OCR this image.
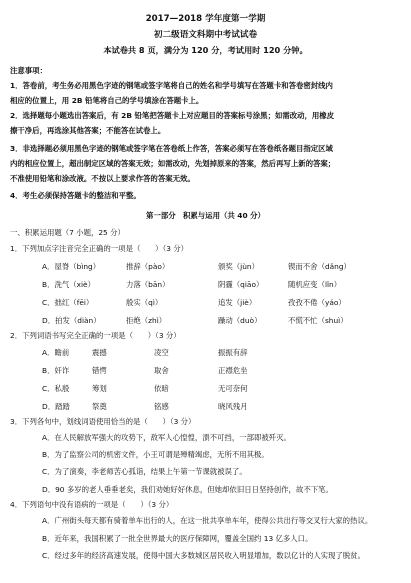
2017—2018 学年度第一学期
初二级语文科期中考试试卷
本试卷共 8 页，满分为 120 分，考试用时 120 分钟。
注意事项：
1．答卷前，考生务必用黑色字迹的钢笔或签字笔将自己的姓名和学号填写在答题卡和答卷密封线内
相应的位置上，用 2B 铅笔将自己的学号填涂在答题卡上。
2．选择题每小题选出答案后，有 2B 铅笔把答题卡上对应题目的答案标号涂黑；如需改动，用橡皮
擦干净后，再选涂其他答案；不能答在试卷上。
3．非选择题必须用黑色字迹的钢笔或签字笔在答卷纸上作答，答案必须写在答卷纸各题目指定区域
内的相应位置上，超出制定区域的答案无效；如需改动，先划掉原来的答案，然后再写上新的答案；
不准使用铅笔和涂改液。不按以上要求作答的答案无效。
4．考生必须保持答题卡的整洁和平整。
第一部分　积累与运用（共 40 分）
一、积累运用题（7 小题，25 分）
1．下列加点字注音完全正确的一项是（　　）（3 分）
A．屋脊（bìng）	推辞（pào）	颁奖（jùn）	锲而不舍（dǎng）
B．洗气（xiè）	力落（bān）	阴霾（qiāo）	随机应变（lǐn）
C．拙红（fēi）	殷实（qì）	追发（jiè）	孜孜不倦（yáo）
D．拍发（diàn）	拒绝（zhì）	躁动（duò）	不慌不忙（shuì）
2．下列词语书写完全正确的一项是（　　）（3 分）
A．瞻前	震撼	凌空	振振有辞
B．奸诈	错愕	取舍	正襟危坐
C．私殷	筹划	依暗	无可奈何
D．踏踏	祭奠	铭感	晓风残月
3．下列各句中，划线词语使用恰当的是（　　）（3 分）
A．在人民解放军强大的攻势下，敌军人心惶惶，溃不可挡，一部即被歼灭。
B．为了监察公司的机密文件，小王可谓是殚精竭虑，无所不用其极。
C．为了演奏，李老师苦心孤诣，结果上午第一节课就被误了。
D．90 多岁的老人垂垂老矣，我们劝她好好休息，但她却依旧日日坚持创作，故不下笔。
4．下列语句中没有语病的一项是（　　）（3 分）
A．广州街头每天都有骑着单车出行的人，在这一批共享单车年，使得公共出行等交叉行大家的热议。
B．近年来，我国积累了一批全世界最大的医疗保障网，覆盖全国约 13 亿多人口。
C．经过多年的经济高速发展，使得中国大多数城区居民收入明显增加，数以亿计的人实现了脱贫。
